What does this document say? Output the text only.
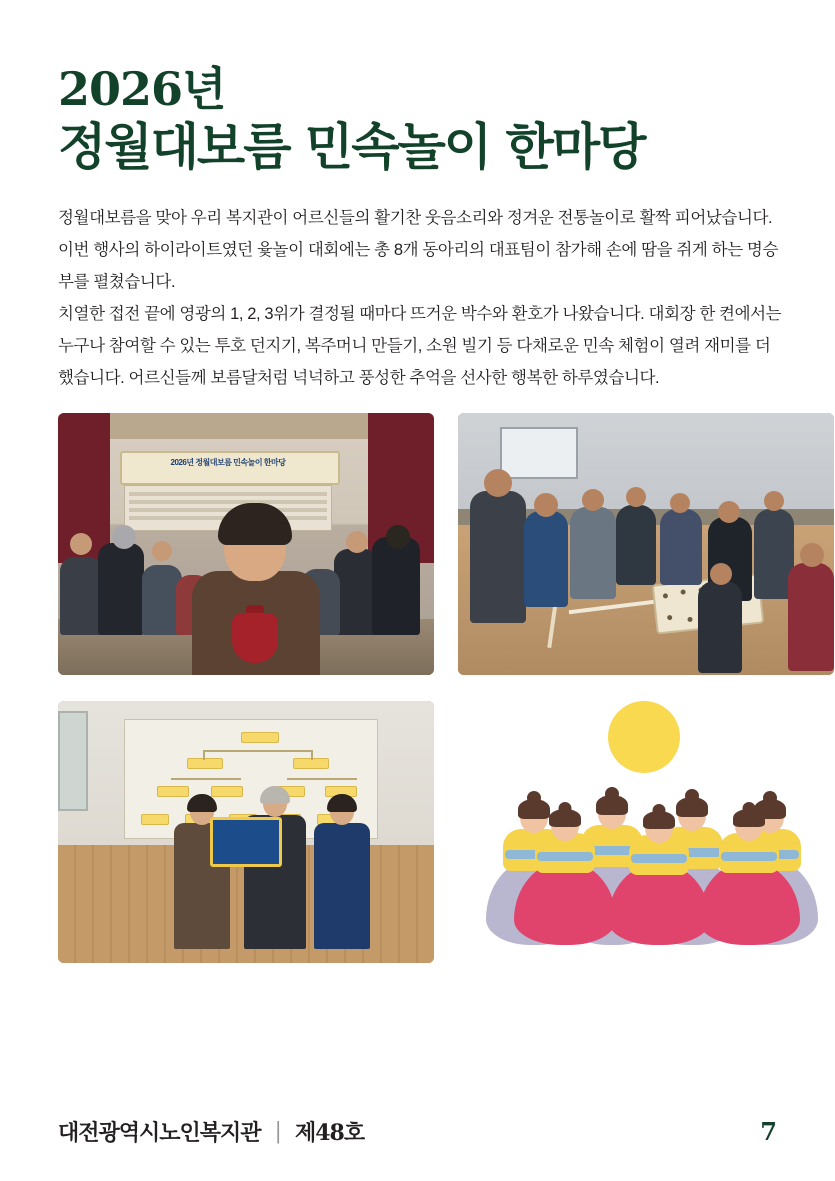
2026년
정월대보름 민속놀이 한마당

정월대보름을 맞아 우리 복지관이 어르신들의 활기찬 웃음소리와 정겨운 전통놀이로 활짝 피어났습니다. 이번 행사의 하이라이트였던 윷놀이 대회에는 총 8개 동아리의 대표팀이 참가해 손에 땀을 쥐게 하는 명승부를 펼쳤습니다.

치열한 접전 끝에 영광의 1, 2, 3위가 결정될 때마다 뜨거운 박수와 환호가 나왔습니다. 대회장 한 켠에서는 누구나 참여할 수 있는 투호 던지기, 복주머니 만들기, 소원 빌기 등 다채로운 민속 체험이 열려 재미를 더했습니다. 어르신들께 보름달처럼 넉넉하고 풍성한 추억을 선사한 행복한 하루였습니다.

2026년 정월대보름 민속놀이 한마당
대전광역시노인복지관 | 제48호	7
